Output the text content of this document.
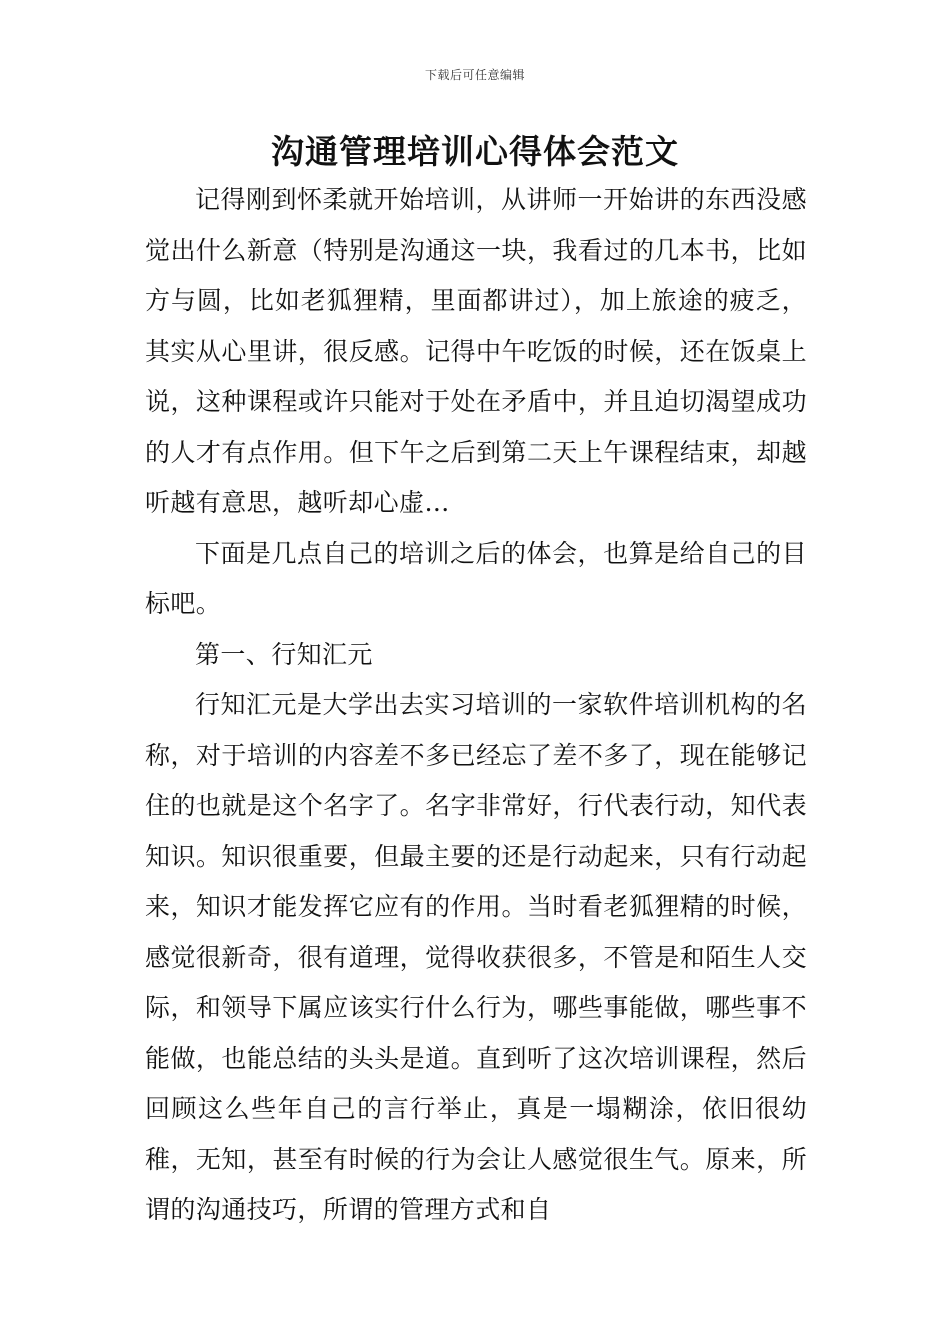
下载后可任意编辑
沟通管理培训心得体会范文

记得刚到怀柔就开始培训，从讲师一开始讲的东西没感觉出什么新意（特别是沟通这一块，我看过的几本书，比如方与圆，比如老狐狸精，里面都讲过），加上旅途的疲乏，其实从心里讲，很反感。记得中午吃饭的时候，还在饭桌上说，这种课程或许只能对于处在矛盾中，并且迫切渴望成功的人才有点作用。但下午之后到第二天上午课程结束，却越听越有意思，越听却心虚…

下面是几点自己的培训之后的体会，也算是给自己的目标吧。

第一、行知汇元

行知汇元是大学出去实习培训的一家软件培训机构的名称，对于培训的内容差不多已经忘了差不多了，现在能够记住的也就是这个名字了。名字非常好，行代表行动，知代表知识。知识很重要，但最主要的还是行动起来，只有行动起来，知识才能发挥它应有的作用。当时看老狐狸精的时候，感觉很新奇，很有道理，觉得收获很多，不管是和陌生人交际，和领导下属应该实行什么行为，哪些事能做，哪些事不能做，也能总结的头头是道。直到听了这次培训课程，然后回顾这么些年自己的言行举止，真是一塌糊涂，依旧很幼稚，无知，甚至有时候的行为会让人感觉很生气。原来，所谓的沟通技巧，所谓的管理方式和自
